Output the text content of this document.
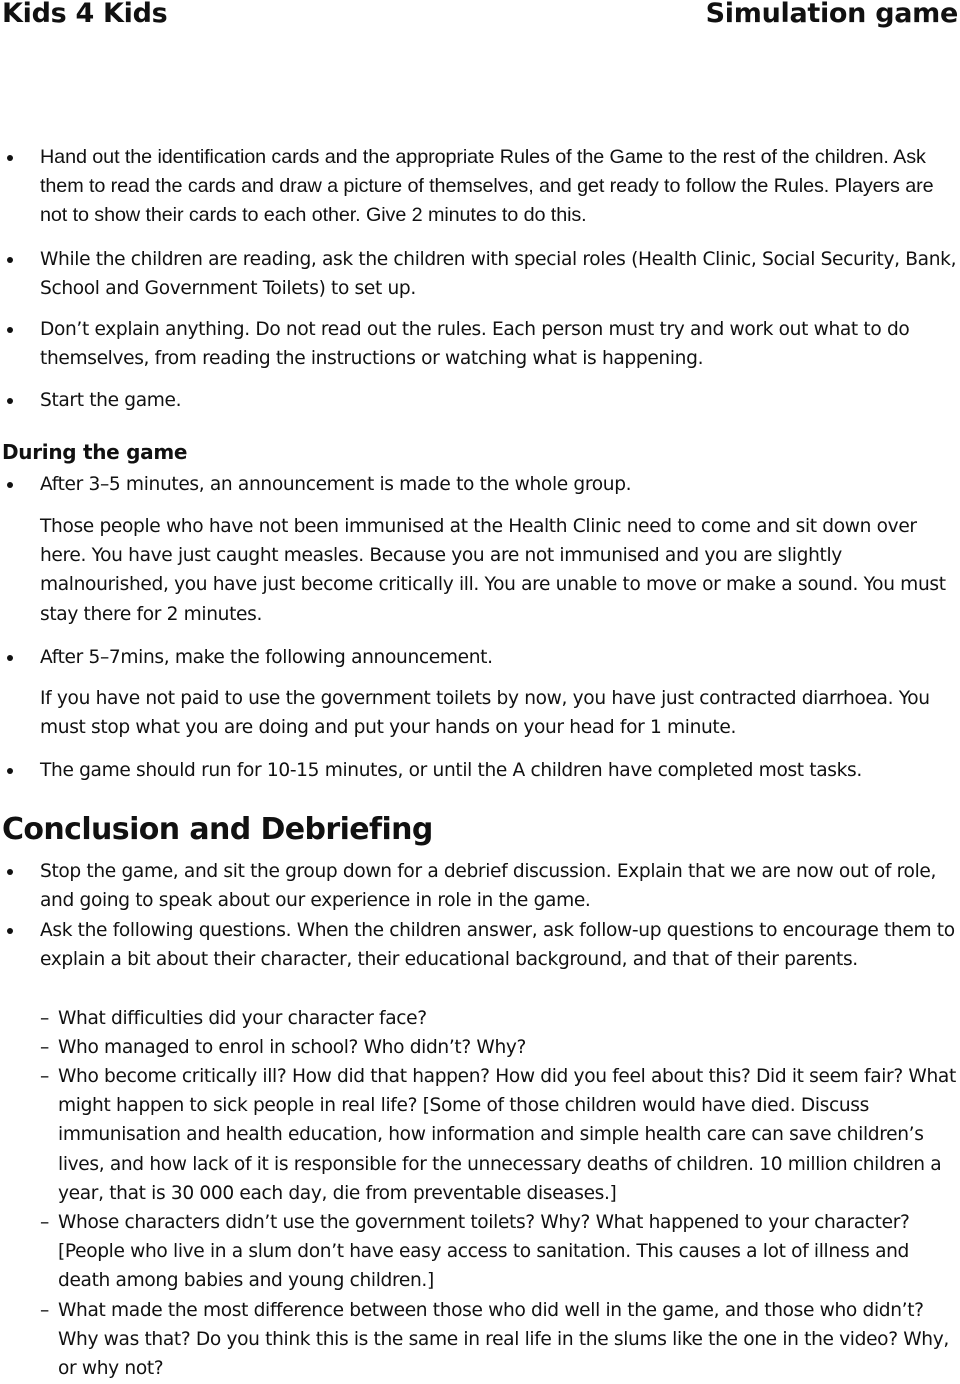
Kids 4 Kids	Simulation game
Hand out the identification cards and the appropriate Rules of the Game to the rest of the children. Ask them to read the cards and draw a picture of themselves, and get ready to follow the Rules. Players are not to show their cards to each other. Give 2 minutes to do this.
While the children are reading, ask the children with special roles (Health Clinic, Social Security, Bank, School and Government Toilets) to set up.
Don’t explain anything. Do not read out the rules. Each person must try and work out what to do themselves, from reading the instructions or watching what is happening.
Start the game.
During the game
After 3–5 minutes, an announcement is made to the whole group.
Those people who have not been immunised at the Health Clinic need to come and sit down over here. You have just caught measles. Because you are not immunised and you are slightly malnourished, you have just become critically ill. You are unable to move or make a sound. You must stay there for 2 minutes.
After 5–7mins, make the following announcement.
If you have not paid to use the government toilets by now, you have just contracted diarrhoea. You must stop what you are doing and put your hands on your head for 1 minute.
The game should run for 10-15 minutes, or until the A children have completed most tasks.
Conclusion and Debriefing
Stop the game, and sit the group down for a debrief discussion. Explain that we are now out of role, and going to speak about our experience in role in the game.
Ask the following questions. When the children answer, ask follow-up questions to encourage them to explain a bit about their character, their educational background, and that of their parents.
– What difficulties did your character face?
– Who managed to enrol in school? Who didn’t? Why?
– Who become critically ill? How did that happen? How did you feel about this? Did it seem fair? What might happen to sick people in real life? [Some of those children would have died. Discuss immunisation and health education, how information and simple health care can save children’s lives, and how lack of it is responsible for the unnecessary deaths of children. 10 million children a year, that is 30 000 each day, die from preventable diseases.]
– Whose characters didn’t use the government toilets? Why? What happened to your character? [People who live in a slum don’t have easy access to sanitation. This causes a lot of illness and death among babies and young children.]
– What made the most difference between those who did well in the game, and those who didn’t? Why was that? Do you think this is the same in real life in the slums like the one in the video? Why, or why not?
